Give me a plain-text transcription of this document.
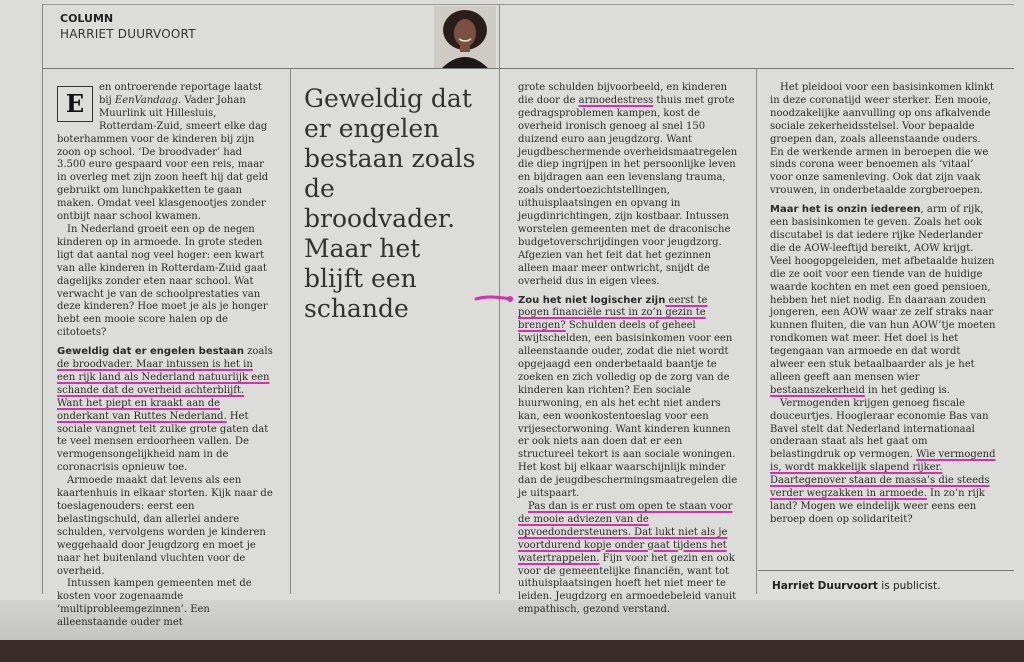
COLUMN
HARRIET DUURVOORT

E
en ontroerende reportage laatst bij EenVandaag. Vader Johan Muurlink uit Hillesluis, Rotterdam-Zuid, smeert elke dag boterhammen voor de kinderen bij zijn zoon op school. ‘De broodvader’ had 3.500 euro gespaard voor een reis, maar in overleg met zijn zoon heeft hij dat geld gebruikt om lunchpakketten te gaan maken. Omdat veel klasgenootjes zonder ontbijt naar school kwamen.

In Nederland groeit een op de negen kinderen op in armoede. In grote steden ligt dat aantal nog veel hoger: een kwart van alle kinderen in Rotterdam-Zuid gaat dagelijks zonder eten naar school. Wat verwacht je van de schoolprestaties van deze kinderen? Hoe moet je als je honger hebt een mooie score halen op de citotoets?

Geweldig dat er engelen bestaan zoals de broodvader. Maar intussen is het in een rijk land als Nederland natuurlijk een schande dat de overheid achterblijft. Want het piept en kraakt aan de onderkant van Ruttes Nederland. Het sociale vangnet telt zulke grote gaten dat te veel mensen erdoorheen vallen. De vermogensongelijkheid nam in de coronacrisis opnieuw toe.

Armoede maakt dat levens als een kaartenhuis in elkaar storten. Kijk naar de toeslagenouders: eerst een belastingschuld, dan allerlei andere schulden, vervolgens worden je kinderen weggehaald door Jeugdzorg en moet je naar het buitenland vluchten voor de overheid.

Intussen kampen gemeenten met de kosten voor zogenaamde ‘multiprobleemgezinnen’. Een alleenstaande ouder met

Geweldig dat er engelen bestaan zoals de broodvader. Maar het blijft een schande

grote schulden bijvoorbeeld, en kinderen die door de armoedestress thuis met grote gedragsproblemen kampen, kost de overheid ironisch genoeg al snel 150 duizend euro aan jeugdzorg. Want jeugdbeschermende overheidsmaatregelen die diep ingrijpen in het persoonlijke leven en bijdragen aan een levenslang trauma, zoals ondertoezichtstellingen, uithuisplaatsingen en opvang in jeugdinrichtingen, zijn kostbaar. Intussen worstelen gemeenten met de draconische budgetoverschrijdingen voor jeugdzorg. Afgezien van het feit dat het gezinnen alleen maar meer ontwricht, snijdt de overheid dus in eigen vlees.

Zou het niet logischer zijn eerst te pogen financiële rust in zo’n gezin te brengen? Schulden deels of geheel kwijtschelden, een basisinkomen voor een alleenstaande ouder, zodat die niet wordt opgejaagd een onderbetaald baantje te zoeken en zich volledig op de zorg van de kinderen kan richten? Een sociale huurwoning, en als het echt niet anders kan, een woonkostentoeslag voor een vrijesectorwoning. Want kinderen kunnen er ook niets aan doen dat er een structureel tekort is aan sociale woningen. Het kost bij elkaar waarschijnlijk minder dan de jeugdbeschermingsmaatregelen die je uitspaart.

Pas dan is er rust om open te staan voor de mooie adviezen van de opvoedondersteuners. Dat lukt niet als je voortdurend kopje onder gaat tijdens het watertrappelen. Fijn voor het gezin en ook voor de gemeentelijke financiën, want tot uithuisplaatsingen hoeft het niet meer te leiden. Jeugdzorg en armoedebeleid vanuit empathisch, gezond verstand.

Het pleidooi voor een basisinkomen klinkt in deze coronatijd weer sterker. Een mooie, noodzakelijke aanvulling op ons afkalvende sociale zekerheidsstelsel. Voor bepaalde groepen dan, zoals alleenstaande ouders. En de werkende armen in beroepen die we sinds corona weer benoemen als ‘vitaal’ voor onze samenleving. Ook dat zijn vaak vrouwen, in onderbetaalde zorgberoepen.

Maar het is onzin iedereen, arm of rijk, een basisinkomen te geven. Zoals het ook discutabel is dat iedere rijke Nederlander die de AOW-leeftijd bereikt, AOW krijgt. Veel hoogopgeleiden, met afbetaalde huizen die ze ooit voor een tiende van de huidige waarde kochten en met een goed pensioen, hebben het niet nodig. En daaraan zouden jongeren, een AOW waar ze zelf straks naar kunnen fluiten, die van hun AOW’tje moeten rondkomen wat meer. Het doel is het tegengaan van armoede en dat wordt alweer een stuk betaalbaarder als je het alleen geeft aan mensen wier bestaanszekerheid in het geding is.

Vermogenden krijgen genoeg fiscale douceurtjes. Hoogleraar economie Bas van Bavel stelt dat Nederland internationaal onderaan staat als het gaat om belastingdruk op vermogen. Wie vermogend is, wordt makkelijk slapend rijker. Daartegenover staan de massa’s die steeds verder wegzakken in armoede. In zo’n rijk land? Mogen we eindelijk weer eens een beroep doen op solidariteit?

Harriet Duurvoort is publicist.
